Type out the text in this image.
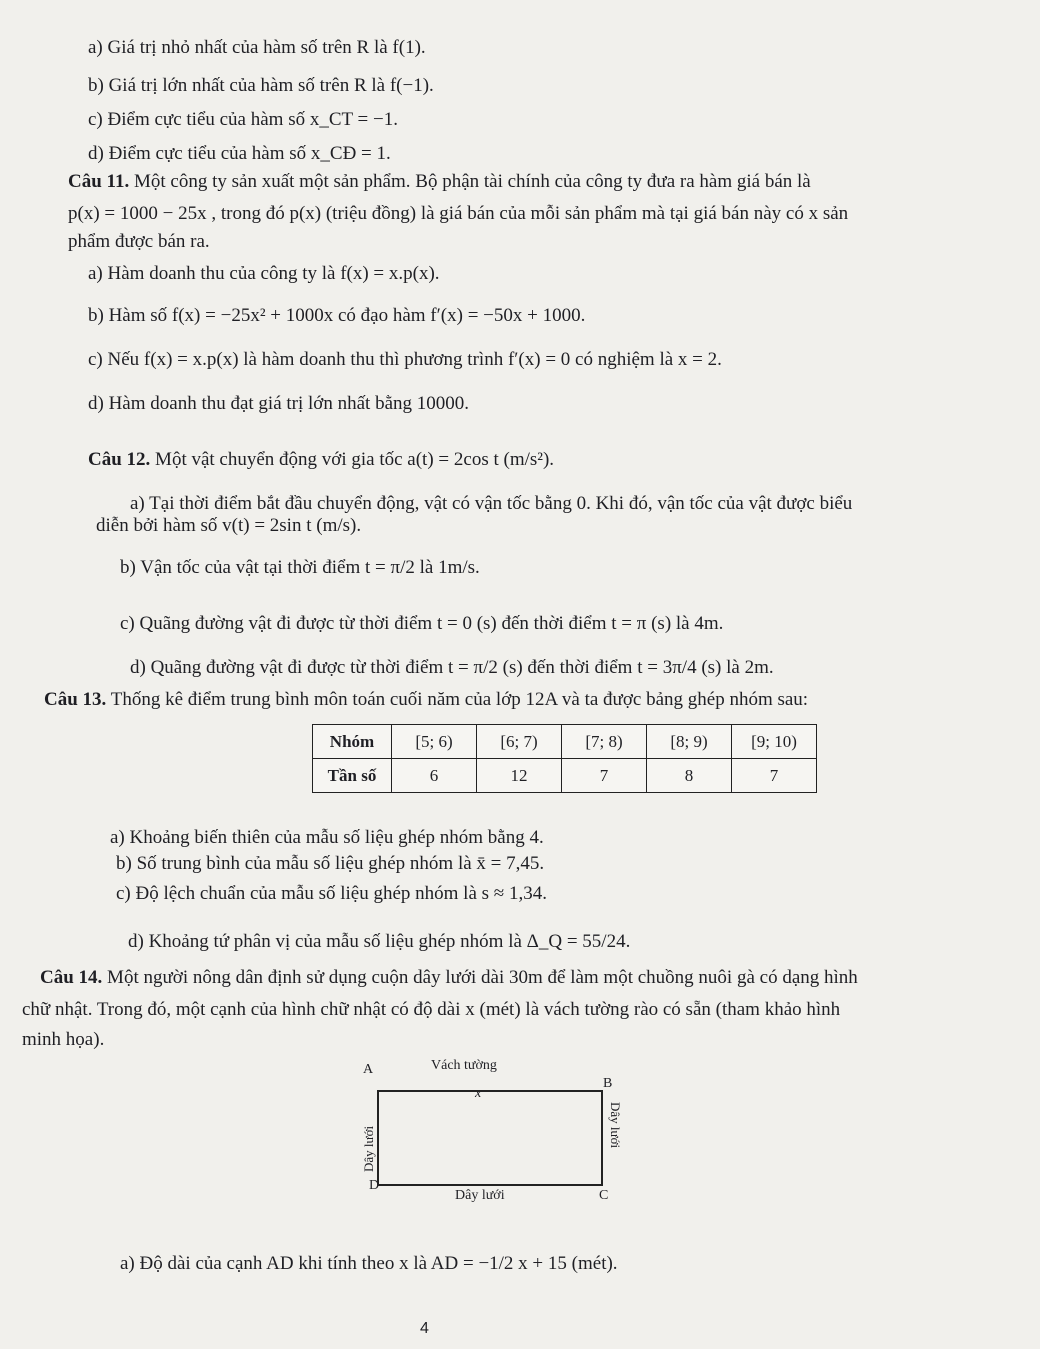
a) Giá trị nhỏ nhất của hàm số trên R là f(1).
b) Giá trị lớn nhất của hàm số trên R là f(−1).
c) Điểm cực tiểu của hàm số x_CT = −1.
d) Điểm cực tiểu của hàm số x_CĐ = 1.
Câu 11. Một công ty sản xuất một sản phẩm. Bộ phận tài chính của công ty đưa ra hàm giá bán là
p(x) = 1000 − 25x , trong đó p(x) (triệu đồng) là giá bán của mỗi sản phẩm mà tại giá bán này có x sản
phẩm được bán ra.
a) Hàm doanh thu của công ty là f(x) = x.p(x).
b) Hàm số f(x) = −25x² + 1000x có đạo hàm f′(x) = −50x + 1000.
c) Nếu f(x) = x.p(x) là hàm doanh thu thì phương trình f′(x) = 0 có nghiệm là x = 2.
d) Hàm doanh thu đạt giá trị lớn nhất bằng 10000.
Câu 12. Một vật chuyển động với gia tốc a(t) = 2cos t (m/s²).
a) Tại thời điểm bắt đầu chuyển động, vật có vận tốc bằng 0. Khi đó, vận tốc của vật được biểu
diễn bởi hàm số v(t) = 2sin t (m/s).
b) Vận tốc của vật tại thời điểm t = π/2 là 1m/s.
c) Quãng đường vật đi được từ thời điểm t = 0 (s) đến thời điểm t = π (s) là 4m.
d) Quãng đường vật đi được từ thời điểm t = π/2 (s) đến thời điểm t = 3π/4 (s) là 2m.
Câu 13. Thống kê điểm trung bình môn toán cuối năm của lớp 12A và ta được bảng ghép nhóm sau:
Nhóm	[5; 6)	[6; 7)	[7; 8)	[8; 9)	[9; 10)
Tần số	6	12	7	8	7
a) Khoảng biến thiên của mẫu số liệu ghép nhóm bằng 4.
b) Số trung bình của mẫu số liệu ghép nhóm là x̄ = 7,45.
c) Độ lệch chuẩn của mẫu số liệu ghép nhóm là s ≈ 1,34.
d) Khoảng tứ phân vị của mẫu số liệu ghép nhóm là Δ_Q = 55/24.
Câu 14. Một người nông dân định sử dụng cuộn dây lưới dài 30m để làm một chuồng nuôi gà có dạng hình
chữ nhật. Trong đó, một cạnh của hình chữ nhật có độ dài x (mét) là vách tường rào có sẵn (tham khảo hình
minh họa).
A	Vách tường
B
x
Dây lưới
Dây lưới
D
Dây lưới	C
a) Độ dài của cạnh AD khi tính theo x là AD = −1/2 x + 15 (mét).
4
